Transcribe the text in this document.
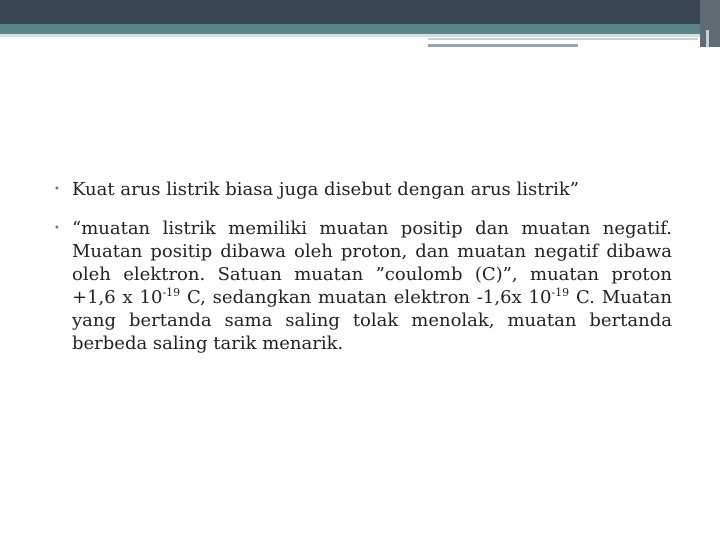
• Kuat arus listrik biasa juga disebut dengan arus listrik”
• “muatan listrik memiliki muatan positip dan muatan negatif. Muatan positip dibawa oleh proton, dan muatan negatif dibawa oleh elektron. Satuan muatan ”coulomb (C)”, muatan proton +1,6 x $10^{-19}$ C, sedangkan muatan elektron -1,6x $10^{-19}$ C. Muatan yang bertanda sama saling tolak menolak, muatan bertanda berbeda saling tarik menarik.
